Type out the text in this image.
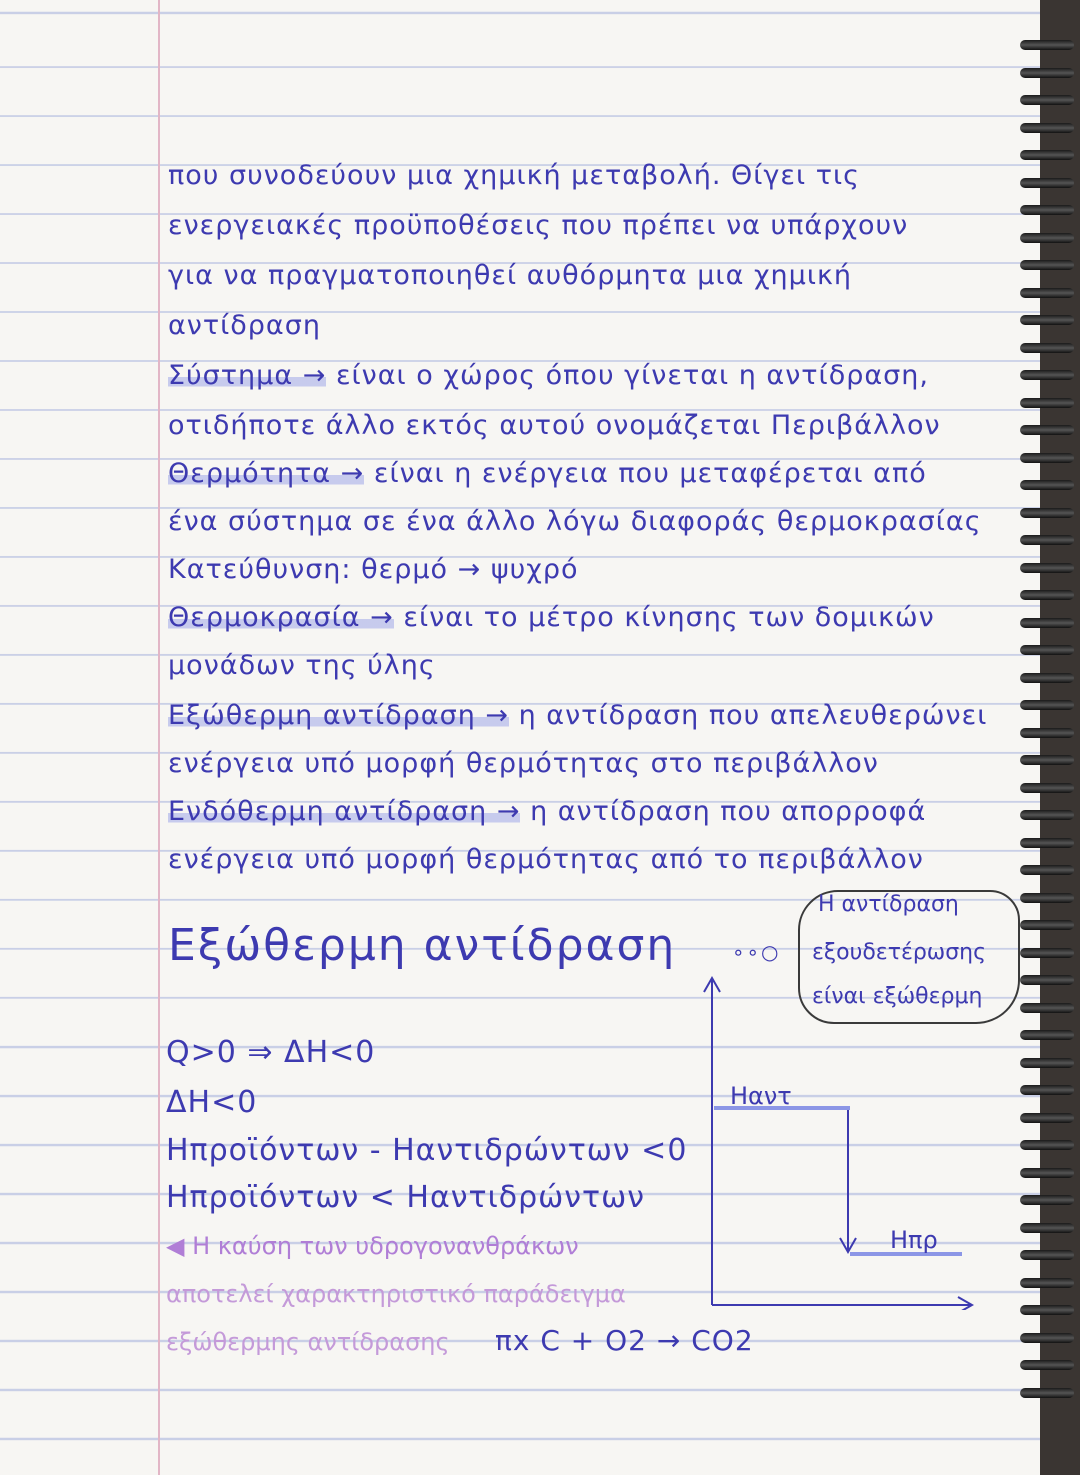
που συνοδεύουν μια χημική μεταβολή. Θίγει τις
ενεργειακές προϋποθέσεις που πρέπει να υπάρχουν
για να πραγματοποιηθεί αυθόρμητα μια χημική
αντίδραση
Σύστημα → είναι ο χώρος όπου γίνεται η αντίδραση,
οτιδήποτε άλλο εκτός αυτού ονομάζεται Περιβάλλον
Θερμότητα → είναι η ενέργεια που μεταφέρεται από
ένα σύστημα σε ένα άλλο λόγω διαφοράς θερμοκρασίας
Κατεύθυνση: θερμό → ψυχρό
Θερμοκρασία → είναι το μέτρο κίνησης των δομικών
μονάδων της ύλης
Εξώθερμη αντίδραση → η αντίδραση που απελευθερώνει
ενέργεια υπό μορφή θερμότητας στο περιβάλλον
Ενδόθερμη αντίδραση → η αντίδραση που απορροφά
ενέργεια υπό μορφή θερμότητας από το περιβάλλον
Εξώθερμη αντίδραση
Q>0 ⇒ ΔH<0
ΔH<0
Hπροϊόντων - Hαντιδρώντων <0
Hπροϊόντων < Hαντιδρώντων
◀ H καύση των υδρογονανθράκων
αποτελεί χαρακτηριστικό παράδειγμα
εξώθερμης αντίδρασης πx C + O2 → CO2
H αντίδραση
εξουδετέρωσης
είναι εξώθερμη
∘∘○
Hαντ
Hπρ
